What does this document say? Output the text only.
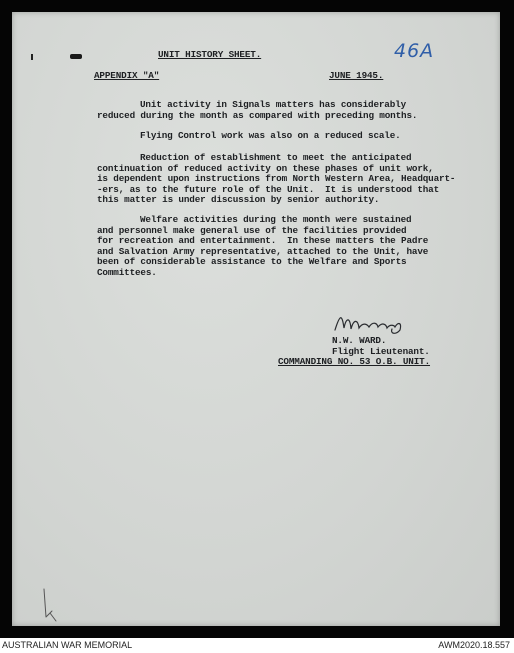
UNIT HISTORY SHEET.	46A
APPENDIX "A"	JUNE 1945.
Unit activity in Signals matters has considerably
reduced during the month as compared with preceding months.
Flying Control work was also on a reduced scale.
Reduction of establishment to meet the anticipated
continuation of reduced activity on these phases of unit work,
is dependent upon instructions from North Western Area, Headquart-
-ers, as to the future role of the Unit.  It is understood that
this matter is under discussion by senior authority.
Welfare activities during the month were sustained
and personnel make general use of the facilities provided
for recreation and entertainment.  In these matters the Padre
and Salvation Army representative, attached to the Unit, have
been of considerable assistance to the Welfare and Sports
Committees.
N.W. WARD.
Flight Lieutenant.
COMMANDING NO. 53 O.B. UNIT.
AUSTRALIAN WAR MEMORIAL	AWM2020.18.557
